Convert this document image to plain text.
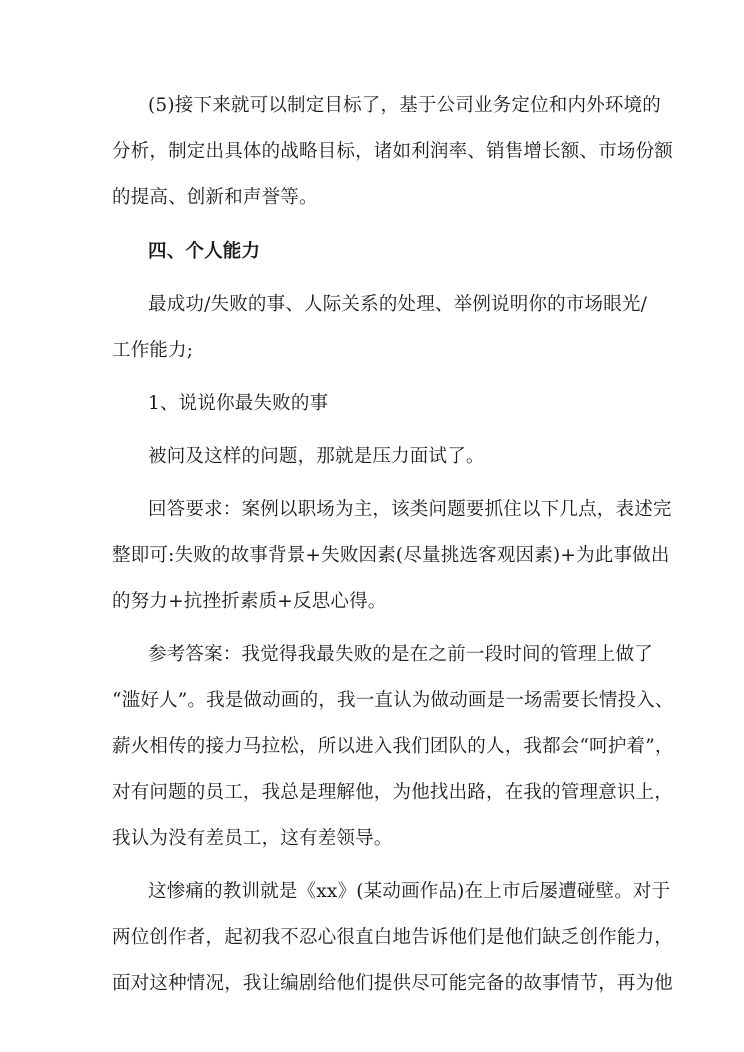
(5)接下来就可以制定目标了，基于公司业务定位和内外环境的
分析，制定出具体的战略目标，诸如利润率、销售增长额、市场份额
的提高、创新和声誉等。
四、个人能力
最成功/失败的事、人际关系的处理、举例说明你的市场眼光/
工作能力;
1、说说你最失败的事
被问及这样的问题，那就是压力面试了。
回答要求：案例以职场为主，该类问题要抓住以下几点，表述完
整即可:失败的故事背景+失败因素(尽量挑选客观因素)+为此事做出
的努力+抗挫折素质+反思心得。
参考答案：我觉得我最失败的是在之前一段时间的管理上做了
“滥好人”。我是做动画的，我一直认为做动画是一场需要长情投入、
薪火相传的接力马拉松，所以进入我们团队的人，我都会“呵护着”，
对有问题的员工，我总是理解他，为他找出路，在我的管理意识上，
我认为没有差员工，这有差领导。
这惨痛的教训就是《xx》(某动画作品)在上市后屡遭碰壁。对于
两位创作者，起初我不忍心很直白地告诉他们是他们缺乏创作能力，
面对这种情况，我让编剧给他们提供尽可能完备的故事情节，再为他
